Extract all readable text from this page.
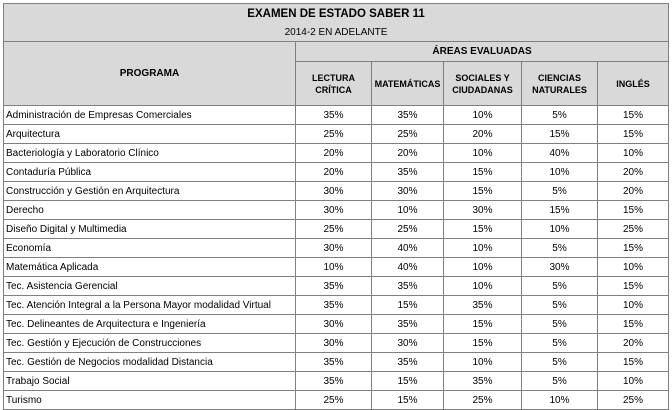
EXAMEN DE ESTADO SABER 11					
2014-2 EN ADELANTE					
PROGRAMA	ÁREAS EVALUADAS				
	LECTURA CRÍTICA	MATEMÁTICAS	SOCIALES Y CIUDADANAS	CIENCIAS NATURALES	INGLÉS
Administración de Empresas Comerciales	35%	35%	10%	5%	15%
Arquitectura	25%	25%	20%	15%	15%
Bacteriología y Laboratorio Clínico	20%	20%	10%	40%	10%
Contaduría Pública	20%	35%	15%	10%	20%
Construcción y Gestión en Arquitectura	30%	30%	15%	5%	20%
Derecho	30%	10%	30%	15%	15%
Diseño Digital y Multimedia	25%	25%	15%	10%	25%
Economía	30%	40%	10%	5%	15%
Matemática Aplicada	10%	40%	10%	30%	10%
Tec. Asistencia Gerencial	35%	35%	10%	5%	15%
Tec. Atención Integral a la Persona Mayor modalidad Virtual	35%	15%	35%	5%	10%
Tec. Delineantes de Arquitectura e Ingeniería	30%	35%	15%	5%	15%
Tec. Gestión y Ejecución de Construcciones	30%	30%	15%	5%	20%
Tec. Gestión de Negocios modalidad Distancia	35%	35%	10%	5%	15%
Trabajo Social	35%	15%	35%	5%	10%
Turismo	25%	15%	25%	10%	25%
